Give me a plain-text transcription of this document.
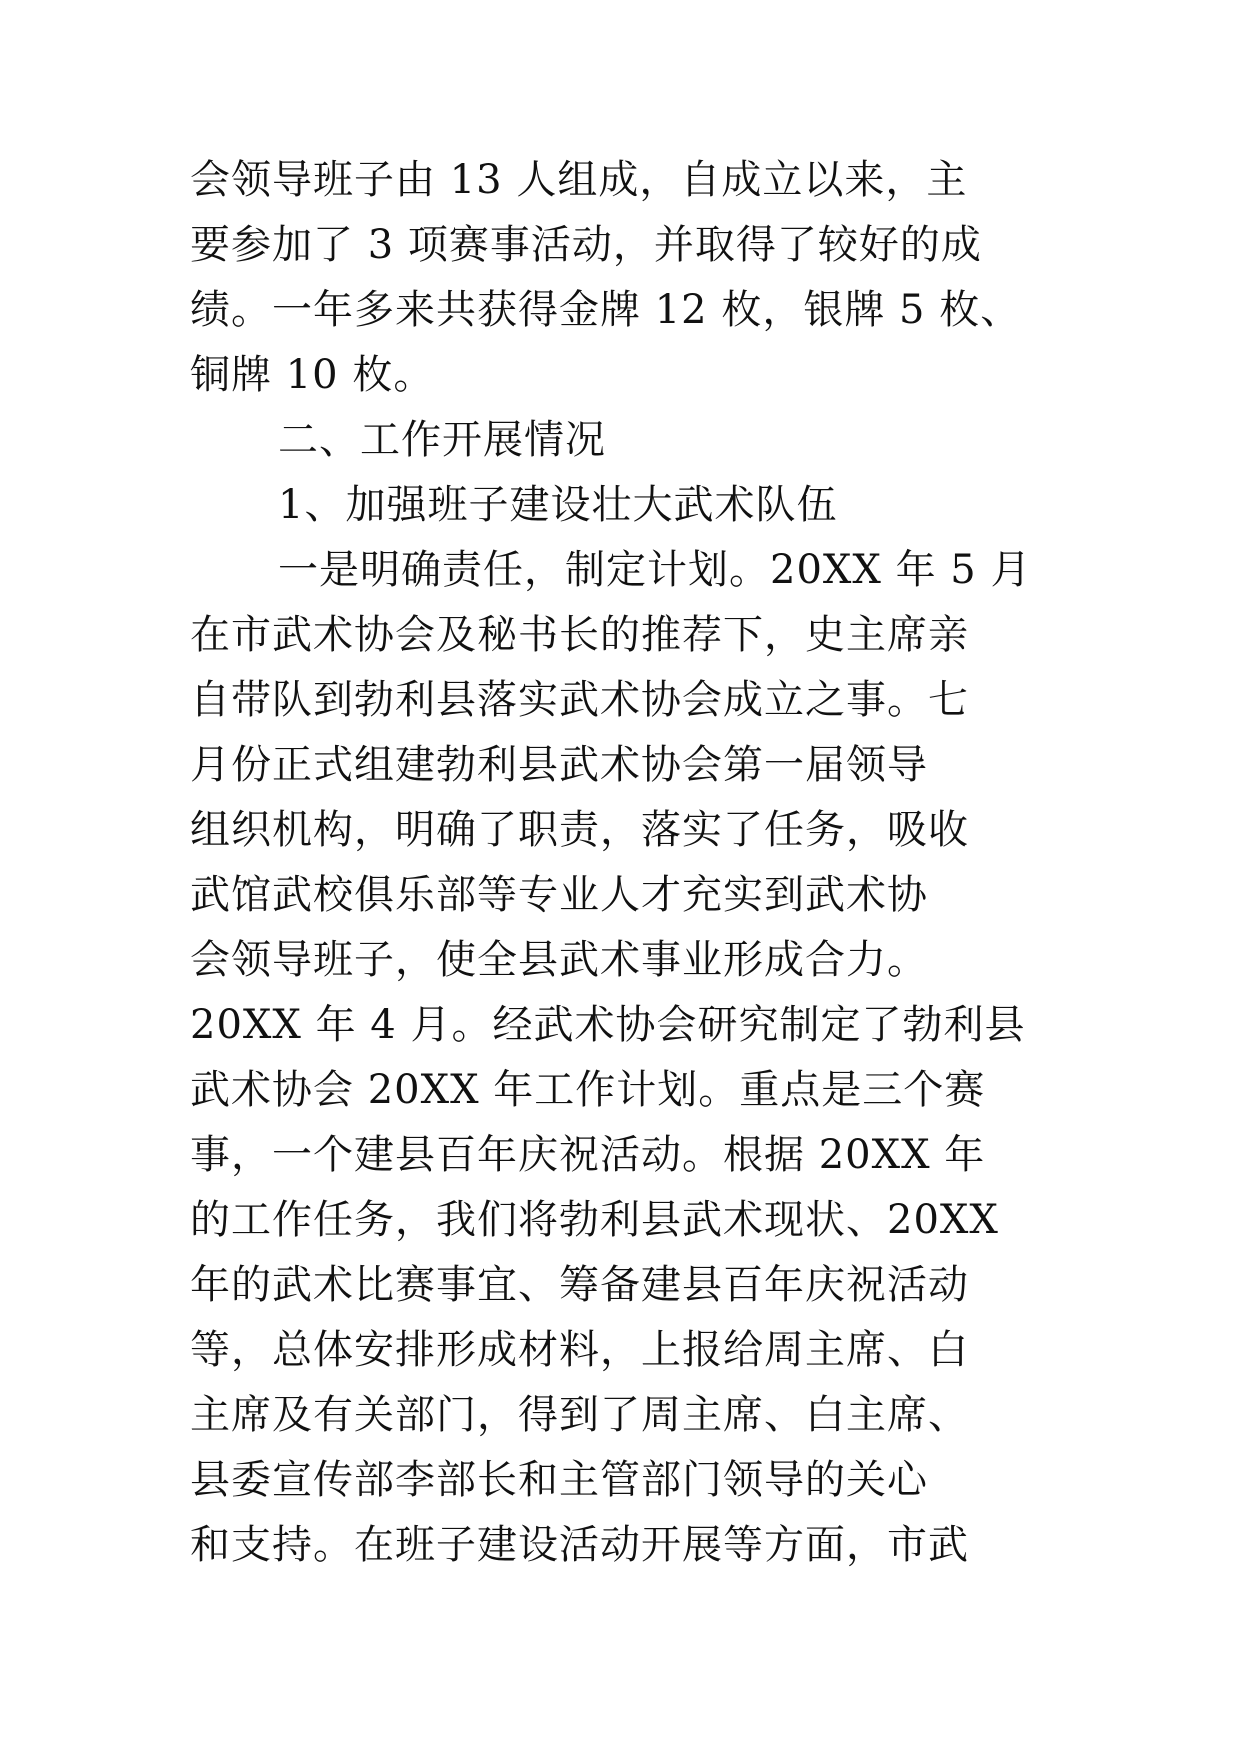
会领导班子由 13 人组成，自成立以来，主
要参加了 3 项赛事活动，并取得了较好的成
绩。一年多来共获得金牌 12 枚，银牌 5 枚、
铜牌 10 枚。
二、工作开展情况
1、加强班子建设壮大武术队伍
一是明确责任，制定计划。20XX 年 5 月
在市武术协会及秘书长的推荐下，史主席亲
自带队到勃利县落实武术协会成立之事。七
月份正式组建勃利县武术协会第一届领导
组织机构，明确了职责，落实了任务，吸收
武馆武校俱乐部等专业人才充实到武术协
会领导班子，使全县武术事业形成合力。
20XX 年 4 月。经武术协会研究制定了勃利县
武术协会 20XX 年工作计划。重点是三个赛
事，一个建县百年庆祝活动。根据 20XX 年
的工作任务，我们将勃利县武术现状、20XX
年的武术比赛事宜、筹备建县百年庆祝活动
等，总体安排形成材料，上报给周主席、白
主席及有关部门，得到了周主席、白主席、
县委宣传部李部长和主管部门领导的关心
和支持。在班子建设活动开展等方面，市武
